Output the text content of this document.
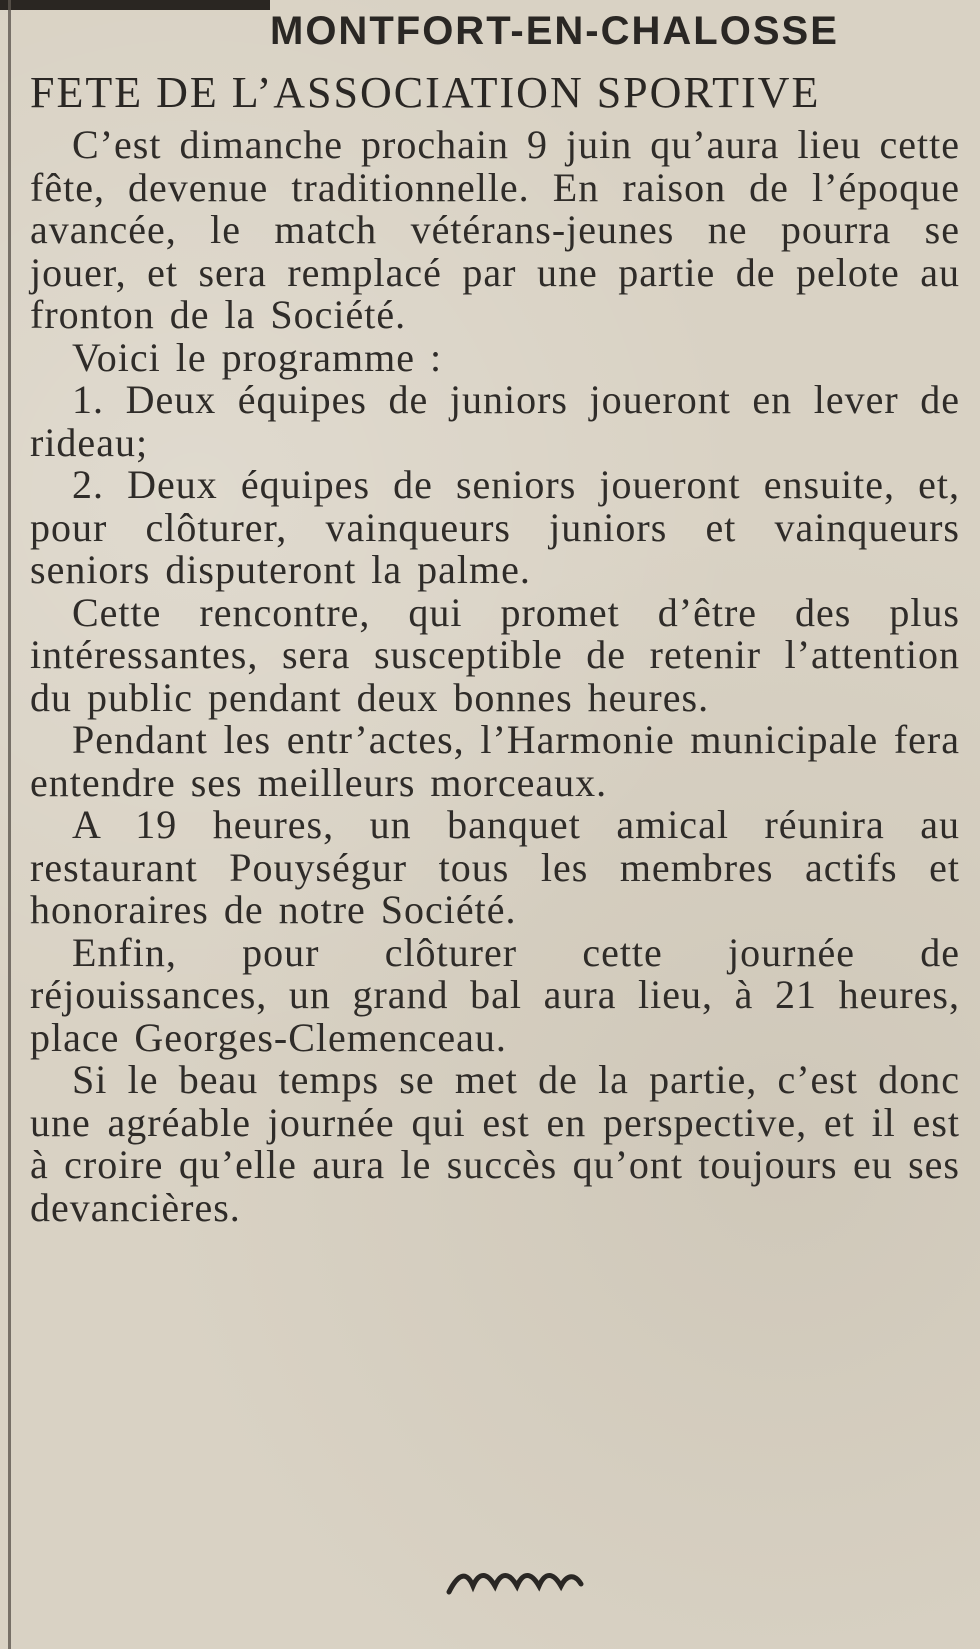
MONTFORT-EN-CHALOSSE
FETE DE L’ASSOCIATION SPORTIVE

C’est dimanche prochain 9 juin qu’aura lieu cette fête, devenue traditionnelle. En raison de l’époque avancée, le match vétérans-jeunes ne pourra se jouer, et sera remplacé par une partie de pelote au fronton de la Société.

Voici le programme :

1. Deux équipes de juniors joueront en lever de rideau;

2. Deux équipes de seniors joueront ensuite, et, pour clôturer, vainqueurs juniors et vainqueurs seniors disputeront la palme.

Cette rencontre, qui promet d’être des plus intéressantes, sera susceptible de retenir l’attention du public pendant deux bonnes heures.

Pendant les entr’actes, l’Harmonie municipale fera entendre ses meilleurs morceaux.

A 19 heures, un banquet amical réunira au restaurant Pouységur tous les membres actifs et honoraires de notre Société.

Enfin, pour clôturer cette journée de réjouissances, un grand bal aura lieu, à 21 heures, place Georges-Clemenceau.

Si le beau temps se met de la partie, c’est donc une agréable journée qui est en perspective, et il est à croire qu’elle aura le succès qu’ont toujours eu ses devancières.
